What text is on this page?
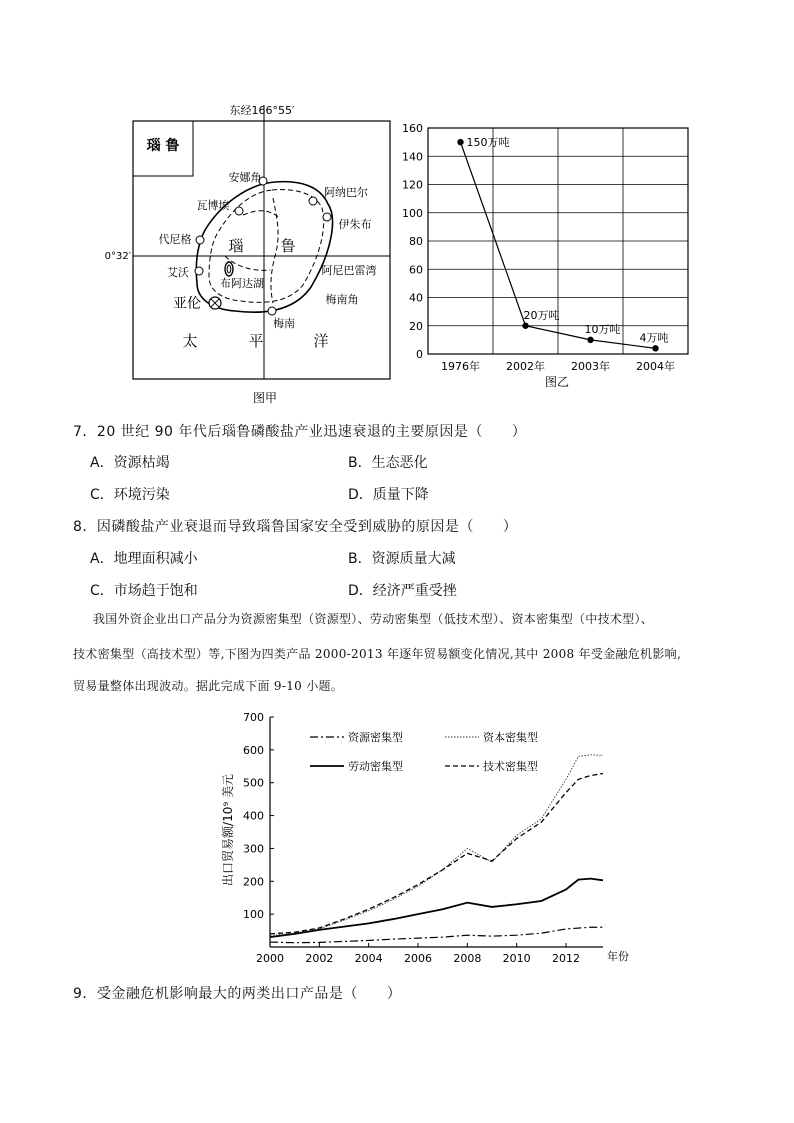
东经166°55′
瑙 鲁
0°32′
安娜角
瓦博埃
阿纳巴尔
伊朱布
代尼格
艾沃
布阿达湖
阿尼巴雷湾
梅南角
亚伦
梅南
瑙 鲁
太	平	洋
图甲
0
20
40
60
80
100
120
140
160
1976年 2002年 2003年 2004年
150万吨
20万吨
10万吨
4万吨
图乙
7．20 世纪 90 年代后瑙鲁磷酸盐产业迅速衰退的主要原因是（　　）
A．资源枯竭	B．生态恶化
C．环境污染	D．质量下降
8．因磷酸盐产业衰退而导致瑙鲁国家安全受到威胁的原因是（　　）
A．地理面积减小	B．资源质量大减
C．市场趋于饱和	D．经济严重受挫
我国外资企业出口产品分为资源密集型（资源型）、劳动密集型（低技术型）、资本密集型（中技术型）、
技术密集型（高技术型）等,下图为四类产品 2000-2013 年逐年贸易额变化情况,其中 2008 年受金融危机影响,
贸易量整体出现波动。据此完成下面 9-10 小题。
100
200
300
400
500
600
700
2000 2002 2004 2006 2008 2010 2012
资源密集型	资本密集型
劳动密集型	技术密集型
出口贸易额/10⁹ 美元
年份
9．受金融危机影响最大的两类出口产品是（　　）
